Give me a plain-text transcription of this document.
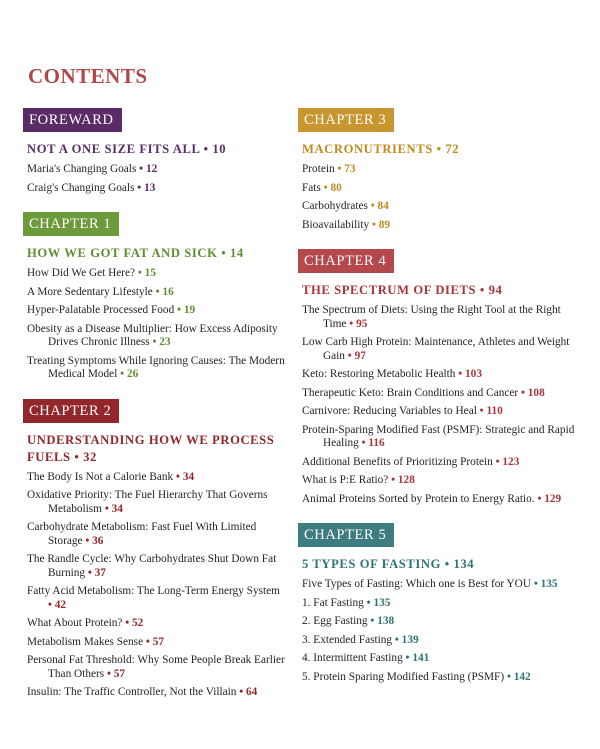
CONTENTS
FOREWARD
NOT A ONE SIZE FITS ALL • 10
Maria's Changing Goals • 12
Craig's Changing Goals • 13
CHAPTER 1
HOW WE GOT FAT AND SICK • 14
How Did We Get Here? • 15
A More Sedentary Lifestyle • 16
Hyper-Palatable Processed Food • 19
Obesity as a Disease Multiplier: How Excess Adiposity Drives Chronic Illness • 23
Treating Symptoms While Ignoring Causes: The Modern Medical Model • 26
CHAPTER 2
UNDERSTANDING HOW WE PROCESS FUELS • 32
The Body Is Not a Calorie Bank • 34
Oxidative Priority: The Fuel Hierarchy That Governs Metabolism • 34
Carbohydrate Metabolism: Fast Fuel With Limited Storage • 36
The Randle Cycle: Why Carbohydrates Shut Down Fat Burning • 37
Fatty Acid Metabolism: The Long-Term Energy System • 42
What About Protein? • 52
Metabolism Makes Sense • 57
Personal Fat Threshold: Why Some People Break Earlier Than Others • 57
Insulin: The Traffic Controller, Not the Villain • 64
CHAPTER 3
MACRONUTRIENTS • 72
Protein • 73
Fats • 80
Carbohydrates • 84
Bioavailability • 89
CHAPTER 4
THE SPECTRUM OF DIETS • 94
The Spectrum of Diets: Using the Right Tool at the Right Time • 95
Low Carb High Protein: Maintenance, Athletes and Weight Gain • 97
Keto: Restoring Metabolic Health • 103
Therapeutic Keto: Brain Conditions and Cancer • 108
Carnivore: Reducing Variables to Heal • 110
Protein-Sparing Modified Fast (PSMF): Strategic and Rapid Healing • 116
Additional Benefits of Prioritizing Protein • 123
What is P:E Ratio? • 128
Animal Proteins Sorted by Protein to Energy Ratio. • 129
CHAPTER 5
5 TYPES OF FASTING • 134
Five Types of Fasting: Which one is Best for YOU • 135
1. Fat Fasting • 135
2. Egg Fasting • 138
3. Extended Fasting • 139
4. Intermittent Fasting • 141
5. Protein Sparing Modified Fasting (PSMF) • 142
